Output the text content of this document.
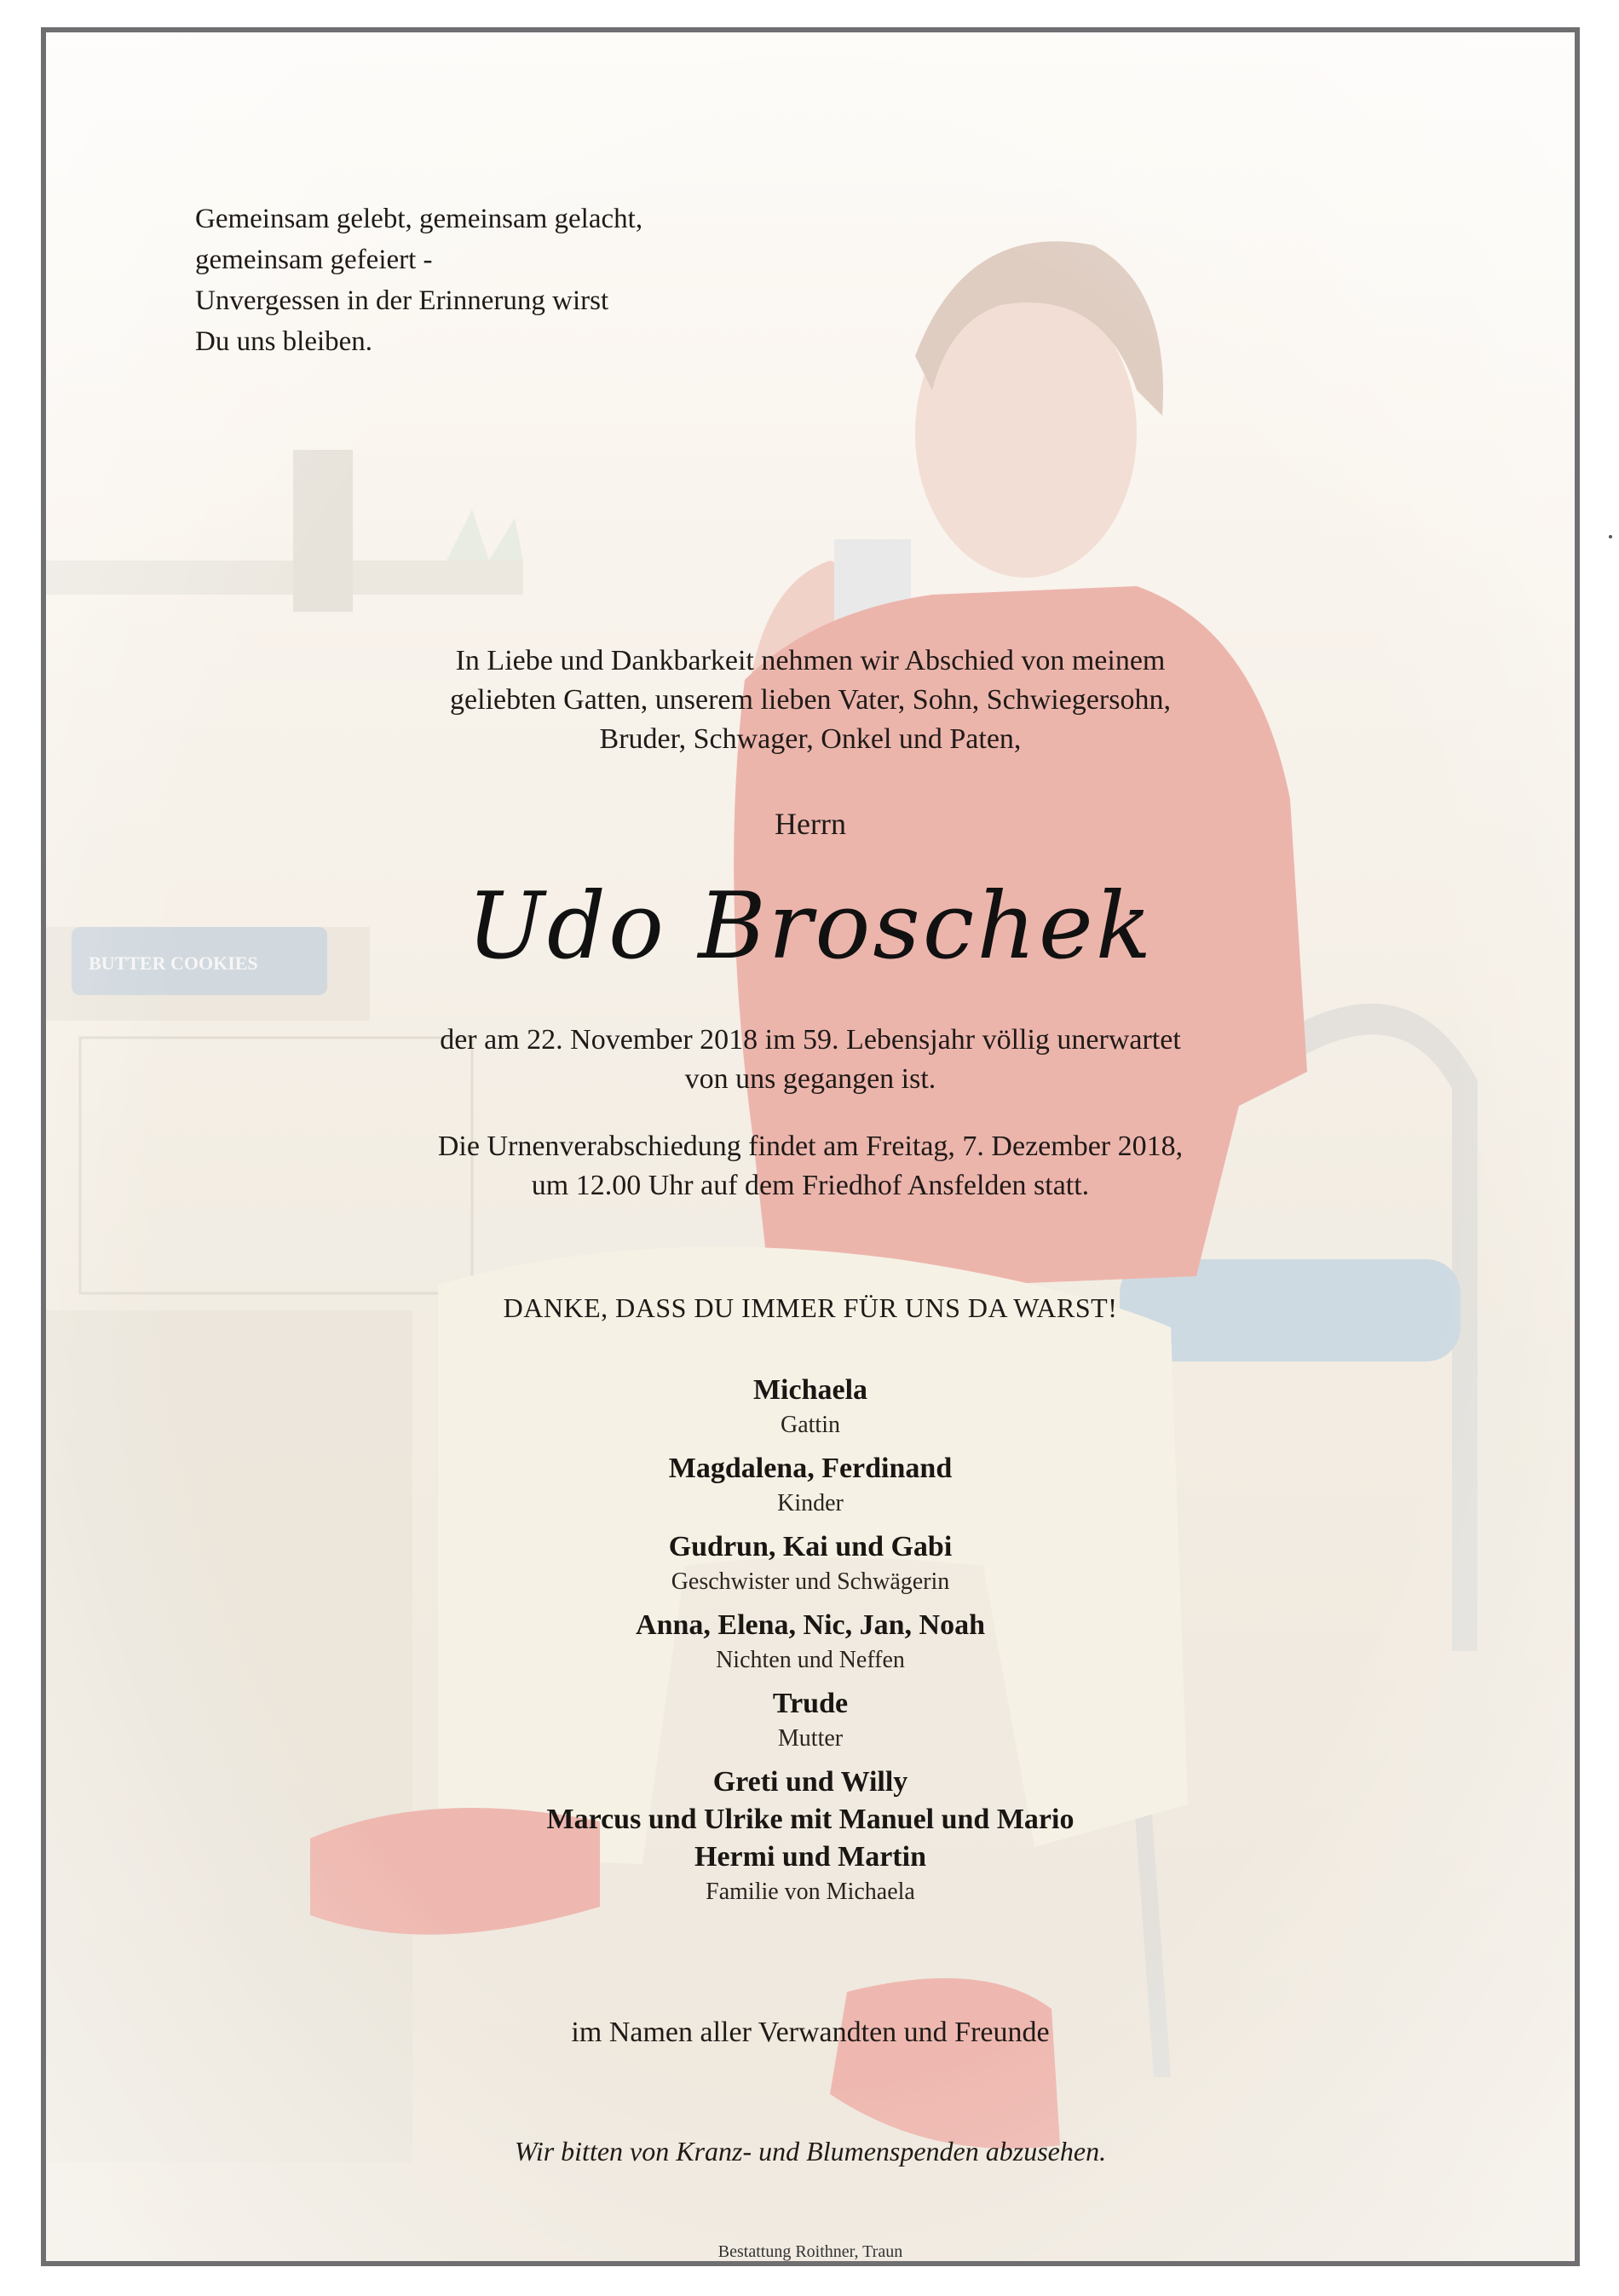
Gemeinsam gelebt, gemeinsam gelacht,
gemeinsam gefeiert -
Unvergessen in der Erinnerung wirst
Du uns bleiben.
In Liebe und Dankbarkeit nehmen wir Abschied von meinem
geliebten Gatten, unserem lieben Vater, Sohn, Schwiegersohn,
Bruder, Schwager, Onkel und Paten,
Herrn
Udo Broschek
der am 22. November 2018 im 59. Lebensjahr völlig unerwartet
von uns gegangen ist.
Die Urnenverabschiedung findet am Freitag, 7. Dezember 2018,
um 12.00 Uhr auf dem Friedhof Ansfelden statt.
DANKE, DASS DU IMMER FÜR UNS DA WARST!
Michaela
Gattin
Magdalena, Ferdinand
Kinder
Gudrun, Kai und Gabi
Geschwister und Schwägerin
Anna, Elena, Nic, Jan, Noah
Nichten und Neffen
Trude
Mutter
Greti und Willy
Marcus und Ulrike mit Manuel und Mario
Hermi und Martin
Familie von Michaela
im Namen aller Verwandten und Freunde
Wir bitten von Kranz- und Blumenspenden abzusehen.
Bestattung Roithner, Traun
